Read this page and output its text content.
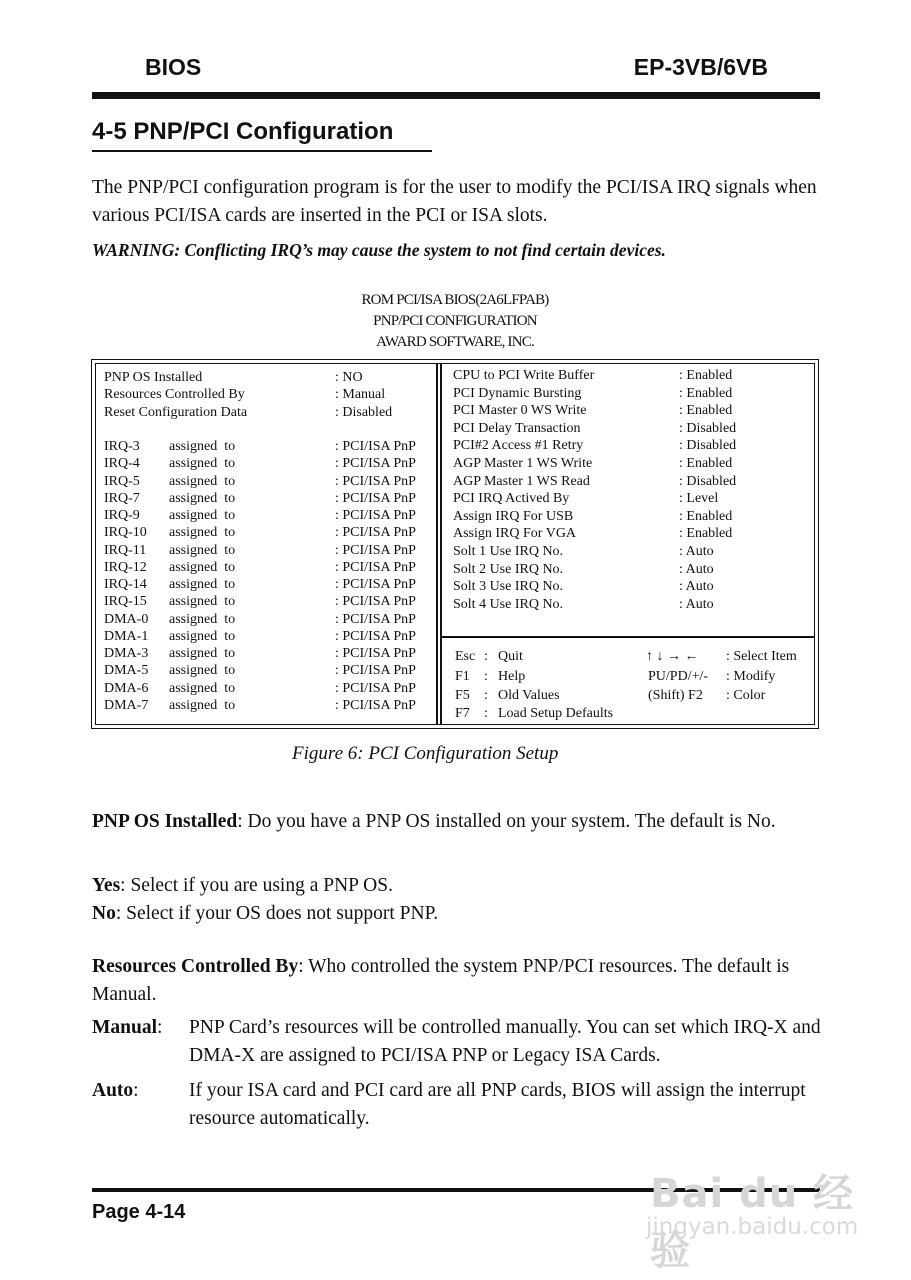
BIOS	EP-3VB/6VB
4-5 PNP/PCI Configuration
The PNP/PCI configuration program is for the user to modify the PCI/ISA IRQ signals when various PCI/ISA cards are inserted in the PCI or ISA slots.
WARNING: Conflicting IRQ’s may cause the system to not find certain devices.
ROM PCI/ISA BIOS(2A6LFPAB)
PNP/PCI CONFIGURATION
AWARD SOFTWARE, INC.
PNP OS Installed	: NO
Resources Controlled By	: Manual
Reset Configuration Data	: Disabled
IRQ-3 assigned  to	: PCI/ISA PnP
IRQ-4 assigned  to	: PCI/ISA PnP
IRQ-5 assigned  to	: PCI/ISA PnP
IRQ-7 assigned  to	: PCI/ISA PnP
IRQ-9 assigned  to	: PCI/ISA PnP
IRQ-10 assigned  to	: PCI/ISA PnP
IRQ-11 assigned  to	: PCI/ISA PnP
IRQ-12 assigned  to	: PCI/ISA PnP
IRQ-14 assigned  to	: PCI/ISA PnP
IRQ-15 assigned  to	: PCI/ISA PnP
DMA-0 assigned  to	: PCI/ISA PnP
DMA-1 assigned  to	: PCI/ISA PnP
DMA-3 assigned  to	: PCI/ISA PnP
DMA-5 assigned  to	: PCI/ISA PnP
DMA-6 assigned  to	: PCI/ISA PnP
DMA-7 assigned  to	: PCI/ISA PnP
CPU to PCI Write Buffer	: Enabled
PCI Dynamic Bursting	: Enabled
PCI Master 0 WS Write	: Enabled
PCI Delay Transaction	: Disabled
PCI#2 Access #1 Retry	: Disabled
AGP Master 1 WS Write	: Enabled
AGP Master 1 WS Read	: Disabled
PCI IRQ Actived By	: Level
Assign IRQ For USB	: Enabled
Assign IRQ For VGA	: Enabled
Solt 1 Use IRQ No.	: Auto
Solt 2 Use IRQ No.	: Auto
Solt 3 Use IRQ No.	: Auto
Solt 4 Use IRQ No.	: Auto
Esc : Quit	↑ ↓ → ← : Select Item
F1 : Help	PU/PD/+/- : Modify
F5 : Old Values	(Shift) F2 : Color
F7 : Load Setup Defaults
Figure 6: PCI Configuration Setup
PNP OS Installed: Do you have a PNP OS installed on your system. The default is No.
Yes: Select if you are using a PNP OS.
No: Select if your OS does not support PNP.
Resources Controlled By: Who controlled the system PNP/PCI resources. The default is Manual.
Manual: PNP Card’s resources will be controlled manually. You can set which IRQ-X and DMA-X are assigned to PCI/ISA PNP or Legacy ISA Cards.
Auto:	If your ISA card and PCI card are all PNP cards, BIOS will assign the interrupt resource automatically.
Page 4-14	Bai du 经验
jingyan.baidu.com
